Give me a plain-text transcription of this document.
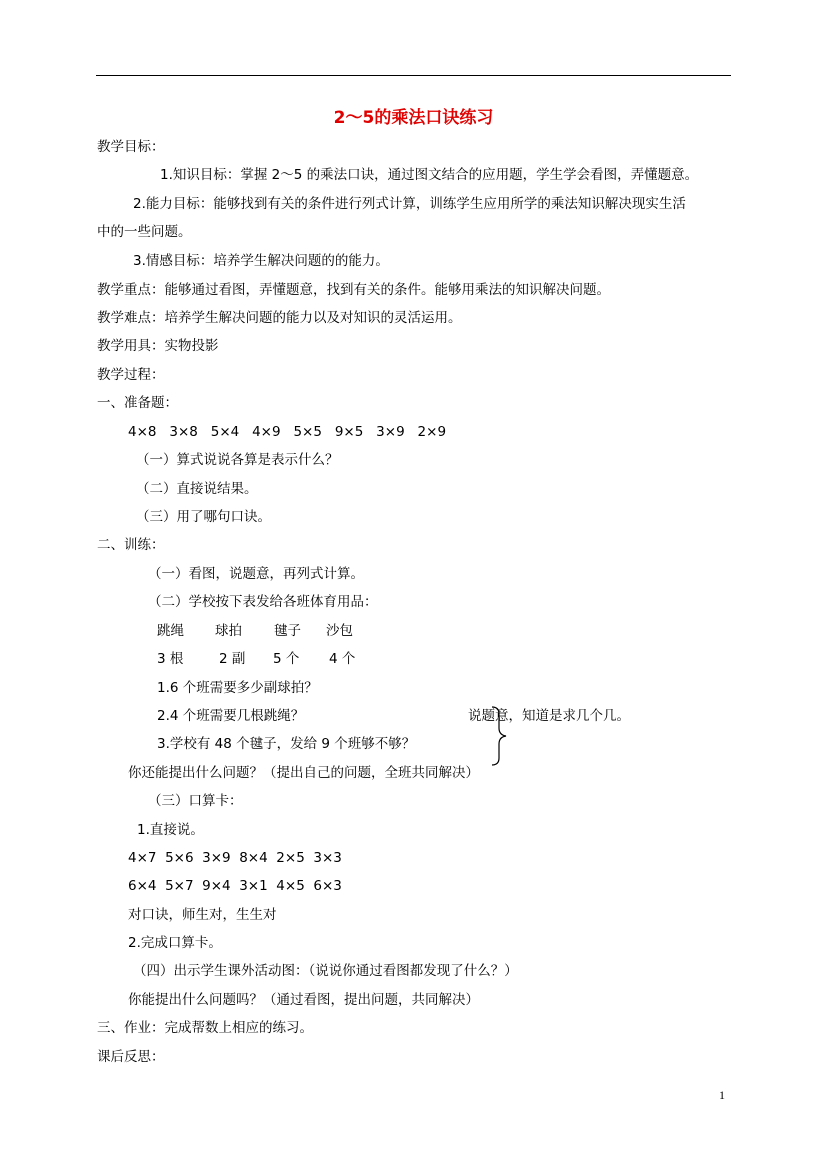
2～5的乘法口诀练习
教学目标：
1.知识目标：掌握 2～5 的乘法口诀，通过图文结合的应用题，学生学会看图，弄懂题意。
2.能力目标：能够找到有关的条件进行列式计算，训练学生应用所学的乘法知识解决现实生活
中的一些问题。
3.情感目标：培养学生解决问题的的能力。
教学重点：能够通过看图，弄懂题意，找到有关的条件。能够用乘法的知识解决问题。
教学难点：培养学生解决问题的能力以及对知识的灵活运用。
教学用具：实物投影
教学过程：
一、准备题：
4×8   3×8   5×4   4×9   5×5   9×5   3×9   2×9
（一）算式说说各算是表示什么？
（二）直接说结果。
（三）用了哪句口诀。
二、训练：
（一）看图，说题意，再列式计算。
（二）学校按下表发给各班体育用品：
跳绳 球拍 毽子 沙包
3 根	2 副 5 个 4 个
1.6 个班需要多少副球拍？
2.4 个班需要几根跳绳？
3.学校有 48 个毽子，发给 9 个班够不够？
说题意，知道是求几个几。
你还能提出什么问题？（提出自己的问题，全班共同解决）
（三）口算卡：
1.直接说。
4×7  5×6  3×9  8×4  2×5  3×3
6×4  5×7  9×4  3×1  4×5  6×3
对口诀，师生对，生生对
2.完成口算卡。
（四）出示学生课外活动图：（说说你通过看图都发现了什么？）
你能提出什么问题吗？（通过看图，提出问题，共同解决）
三、作业：完成帮数上相应的练习。
课后反思：
1
